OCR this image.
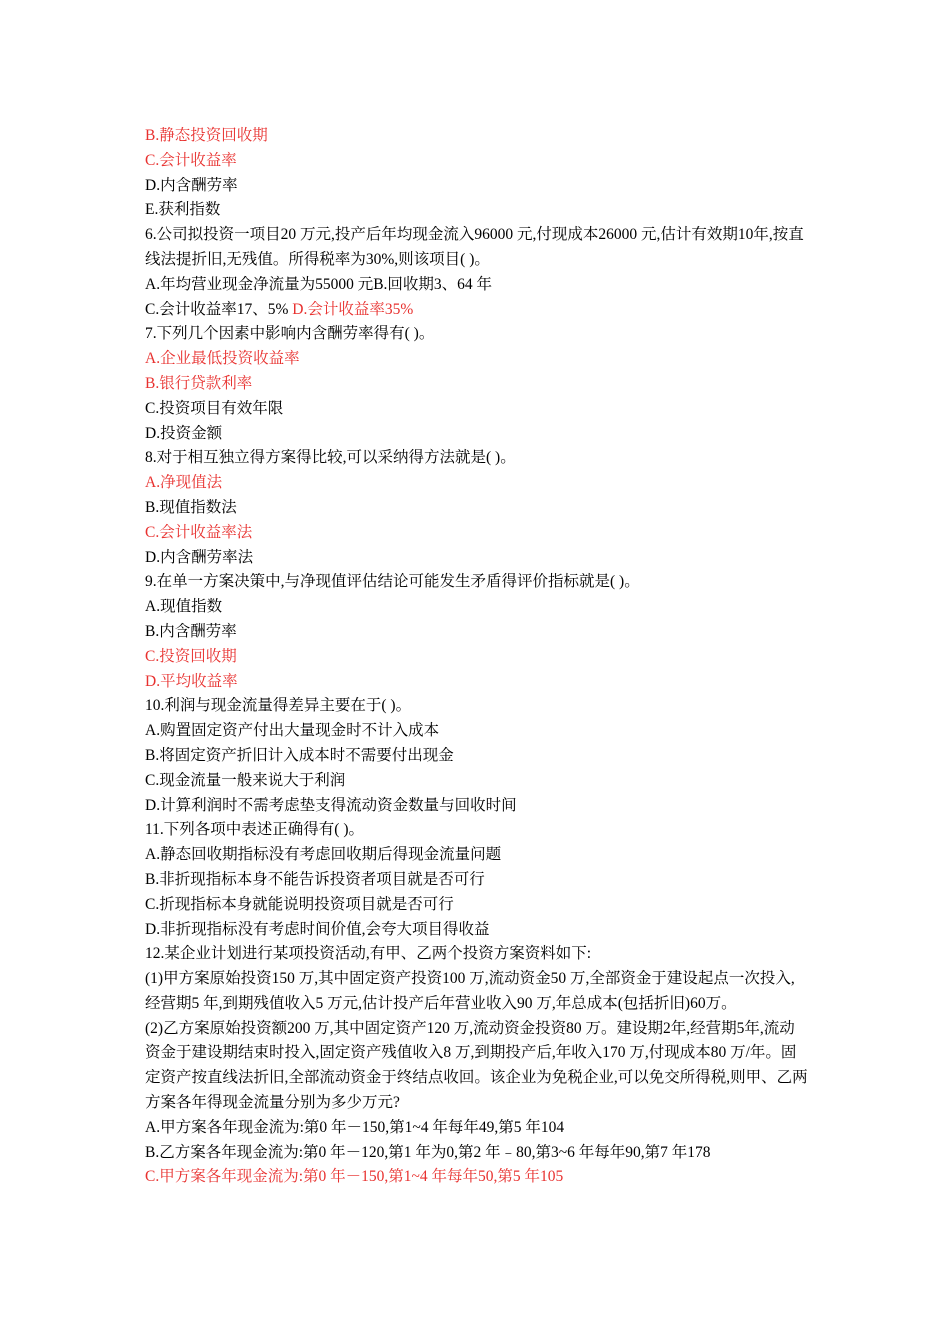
B.静态投资回收期
C.会计收益率
D.内含酬劳率
E.获利指数
6.公司拟投资一项目20 万元,投产后年均现金流入96000 元,付现成本26000 元,估计有效期10年,按直线法提折旧,无残值。所得税率为30%,则该项目( )。
A.年均营业现金净流量为55000 元B.回收期3、64 年
C.会计收益率17、5% D.会计收益率35%
7.下列几个因素中影响内含酬劳率得有( )。
A.企业最低投资收益率
B.银行贷款利率
C.投资项目有效年限
D.投资金额
8.对于相互独立得方案得比较,可以采纳得方法就是( )。
A.净现值法
B.现值指数法
C.会计收益率法
D.内含酬劳率法
9.在单一方案决策中,与净现值评估结论可能发生矛盾得评价指标就是( )。
A.现值指数
B.内含酬劳率
C.投资回收期
D.平均收益率
10.利润与现金流量得差异主要在于( )。
A.购置固定资产付出大量现金时不计入成本
B.将固定资产折旧计入成本时不需要付出现金
C.现金流量一般来说大于利润
D.计算利润时不需考虑垫支得流动资金数量与回收时间
11.下列各项中表述正确得有( )。
A.静态回收期指标没有考虑回收期后得现金流量问题
B.非折现指标本身不能告诉投资者项目就是否可行
C.折现指标本身就能说明投资项目就是否可行
D.非折现指标没有考虑时间价值,会夸大项目得收益
12.某企业计划进行某项投资活动,有甲、乙两个投资方案资料如下:
(1)甲方案原始投资150 万,其中固定资产投资100 万,流动资金50 万,全部资金于建设起点一次投入,经营期5 年,到期残值收入5 万元,估计投产后年营业收入90 万,年总成本(包括折旧)60万。
(2)乙方案原始投资额200 万,其中固定资产120 万,流动资金投资80 万。建设期2年,经营期5年,流动资金于建设期结束时投入,固定资产残值收入8 万,到期投产后,年收入170 万,付现成本80 万/年。固定资产按直线法折旧,全部流动资金于终结点收回。该企业为免税企业,可以免交所得税,则甲、乙两方案各年得现金流量分别为多少万元?
A.甲方案各年现金流为:第0 年－150,第1~4 年每年49,第5 年104
B.乙方案各年现金流为:第0 年－120,第1 年为0,第2 年﹣80,第3~6 年每年90,第7 年178
C.甲方案各年现金流为:第0 年－150,第1~4 年每年50,第5 年105
